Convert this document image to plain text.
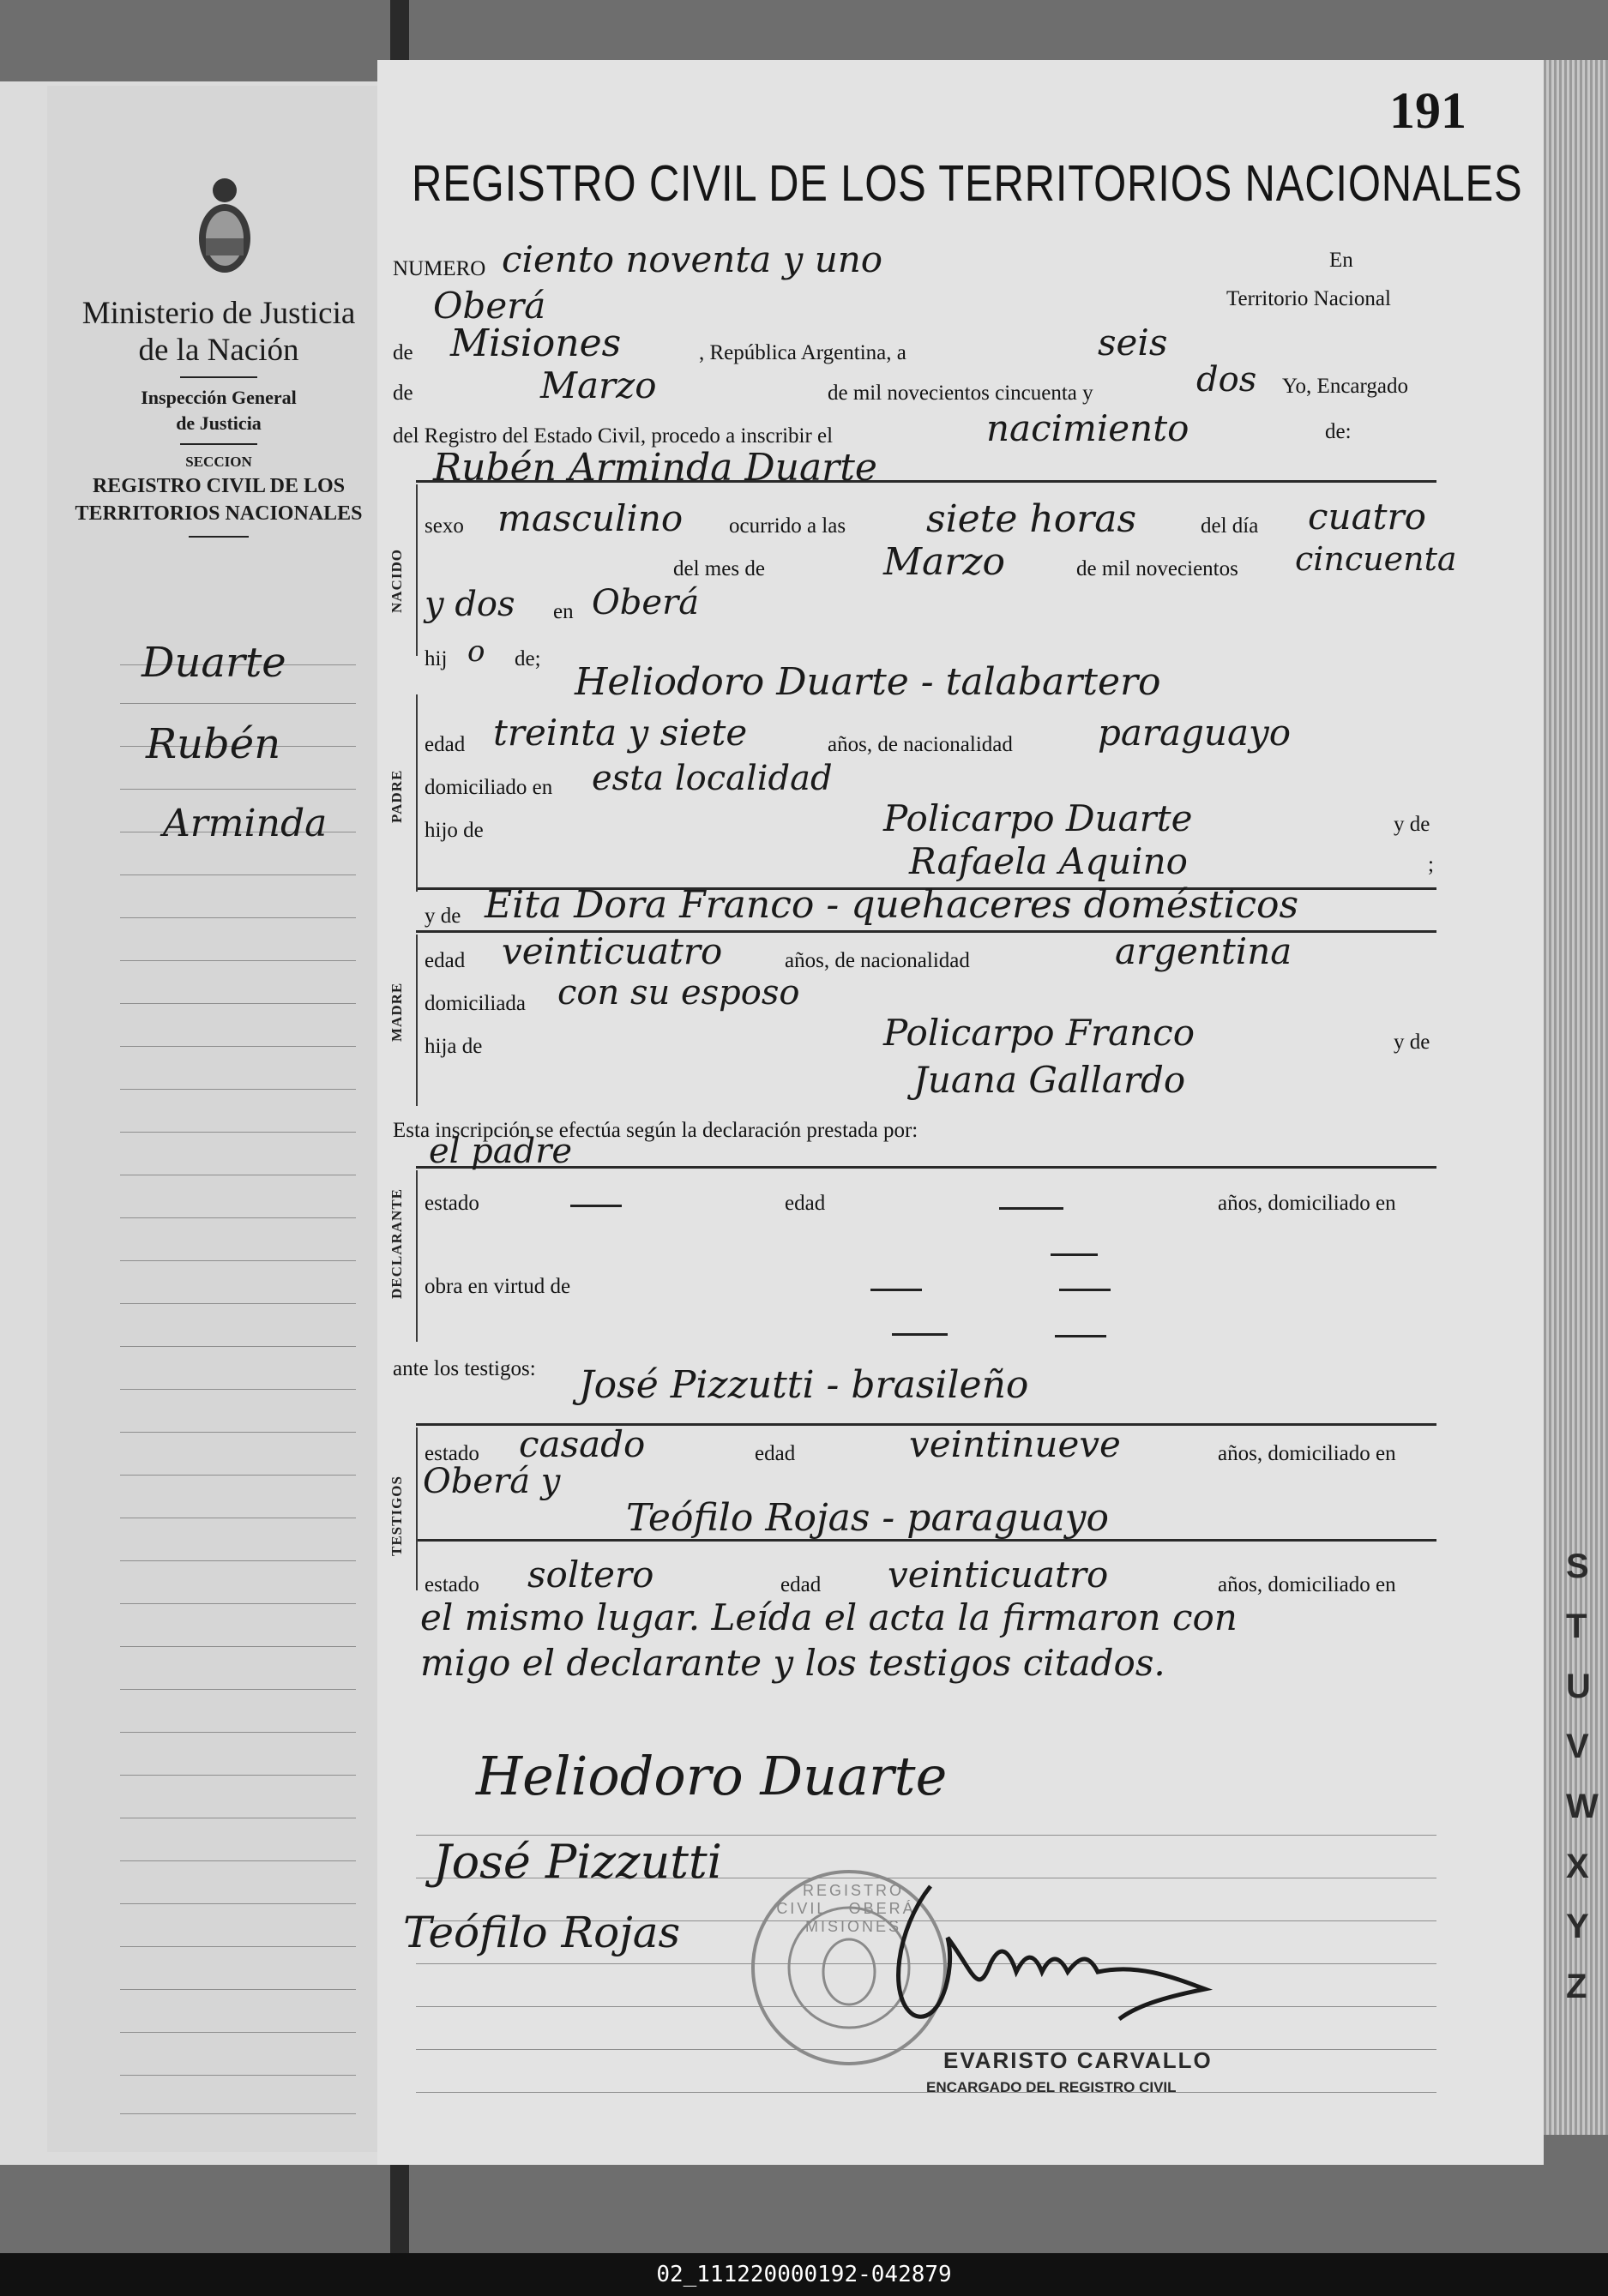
S
T
U
V
W
X
Y
Z
Ministerio de Justicia
de la Nación
Inspección General
de Justicia
SECCION
REGISTRO CIVIL DE LOS
TERRITORIOS NACIONALES
Duarte
Rubén
Arminda
191
REGISTRO CIVIL DE LOS TERRITORIOS NACIONALES
NACIDO
PADRE
MADRE
DECLARANTE
TESTIGOS
NUMERO ciento noventa y uno	En
Oberá	Territorio Nacional
de Misiones	, República Argentina, a	seis
de	Marzo	de mil novecientos cincuenta y	dos Yo, Encargado
del Registro del Estado Civil, procedo a inscribir el	nacimiento	de:
Rubén Arminda Duarte
sexo masculino ocurrido a las siete horas	del día cuatro
del mes de	Marzo	de mil novecientos cincuenta
y dos en Oberá
hij o de;
Heliodoro Duarte - talabartero
edad treinta y siete	años, de nacionalidad paraguayo
domiciliado en esta localidad
hijo de	Policarpo Duarte	y de
Rafaela Aquino	;
y de Eita Dora Franco - quehaceres domésticos
edad veinticuatro	años, de nacionalidad	argentina
domiciliada con su esposo
hija de	Policarpo Franco	y de
Juana Gallardo
Esta inscripción se efectúa según la declaración prestada por:
el padre
estado	edad	años, domiciliado en
obra en virtud de
ante los testigos: José Pizzutti - brasileño
estado casado	edad	veintinueve	años, domiciliado en
Oberá y
Teófilo Rojas - paraguayo
estado soltero	edad veinticuatro	años, domiciliado en
el mismo lugar. Leída el acta la firmaron con
migo el declarante y los testigos citados.
Heliodoro Duarte
José Pizzutti
Teófilo Rojas
REGISTRO CIVIL · OBERÁ · MISIONES
EVARISTO CARVALLO
ENCARGADO DEL REGISTRO CIVIL
02_111220000192-042879
